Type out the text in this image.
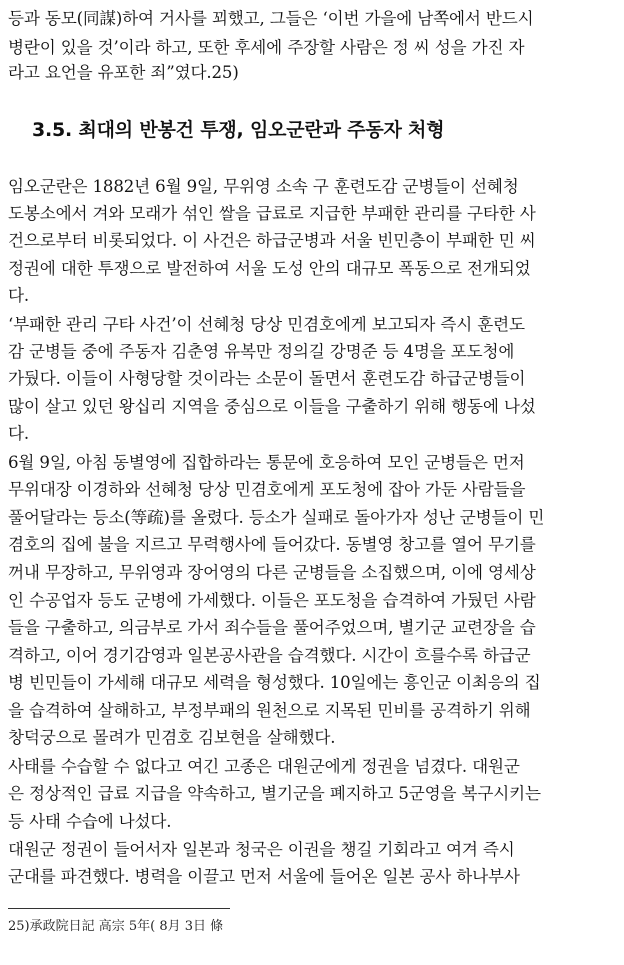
등과 동모(同謀)하여 거사를 꾀했고, 그들은 ‘이번 가을에 남쪽에서 반드시
병란이 있을 것’이라 하고, 또한 후세에 주장할 사람은 정 씨 성을 가진 자
라고 요언을 유포한 죄”였다.25)
3.5. 최대의 반봉건 투쟁, 임오군란과 주동자 처형
임오군란은 1882년 6월 9일, 무위영 소속 구 훈련도감 군병들이 선혜청
도봉소에서 겨와 모래가 섞인 쌀을 급료로 지급한 부패한 관리를 구타한 사
건으로부터 비롯되었다. 이 사건은 하급군병과 서울 빈민층이 부패한 민 씨
정권에 대한 투쟁으로 발전하여 서울 도성 안의 대규모 폭동으로 전개되었
다.
‘부패한 관리 구타 사건’이 선혜청 당상 민겸호에게 보고되자 즉시 훈련도
감 군병들 중에 주동자 김춘영 유복만 정의길 강명준 등 4명을 포도청에
가뒀다. 이들이 사형당할 것이라는 소문이 돌면서 훈련도감 하급군병들이
많이 살고 있던 왕십리 지역을 중심으로 이들을 구출하기 위해 행동에 나섰
다.
6월 9일, 아침 동별영에 집합하라는 통문에 호응하여 모인 군병들은 먼저
무위대장 이경하와 선혜청 당상 민겸호에게 포도청에 잡아 가둔 사람들을
풀어달라는 등소(等疏)를 올렸다. 등소가 실패로 돌아가자 성난 군병들이 민
겸호의 집에 불을 지르고 무력행사에 들어갔다. 동별영 창고를 열어 무기를
꺼내 무장하고, 무위영과 장어영의 다른 군병들을 소집했으며, 이에 영세상
인 수공업자 등도 군병에 가세했다. 이들은 포도청을 습격하여 가뒀던 사람
들을 구출하고, 의금부로 가서 죄수들을 풀어주었으며, 별기군 교련장을 습
격하고, 이어 경기감영과 일본공사관을 습격했다. 시간이 흐를수록 하급군
병 빈민들이 가세해 대규모 세력을 형성했다. 10일에는 흥인군 이최응의 집
을 습격하여 살해하고, 부정부패의 원천으로 지목된 민비를 공격하기 위해
창덕궁으로 몰려가 민겸호 김보현을 살해했다.
사태를 수습할 수 없다고 여긴 고종은 대원군에게 정권을 넘겼다. 대원군
은 정상적인 급료 지급을 약속하고, 별기군을 폐지하고 5군영을 복구시키는
등 사태 수습에 나섰다.
대원군 정권이 들어서자 일본과 청국은 이권을 챙길 기회라고 여겨 즉시
군대를 파견했다. 병력을 이끌고 먼저 서울에 들어온 일본 공사 하나부사
25)承政院日記 高宗 5年( 8月 3日 條
